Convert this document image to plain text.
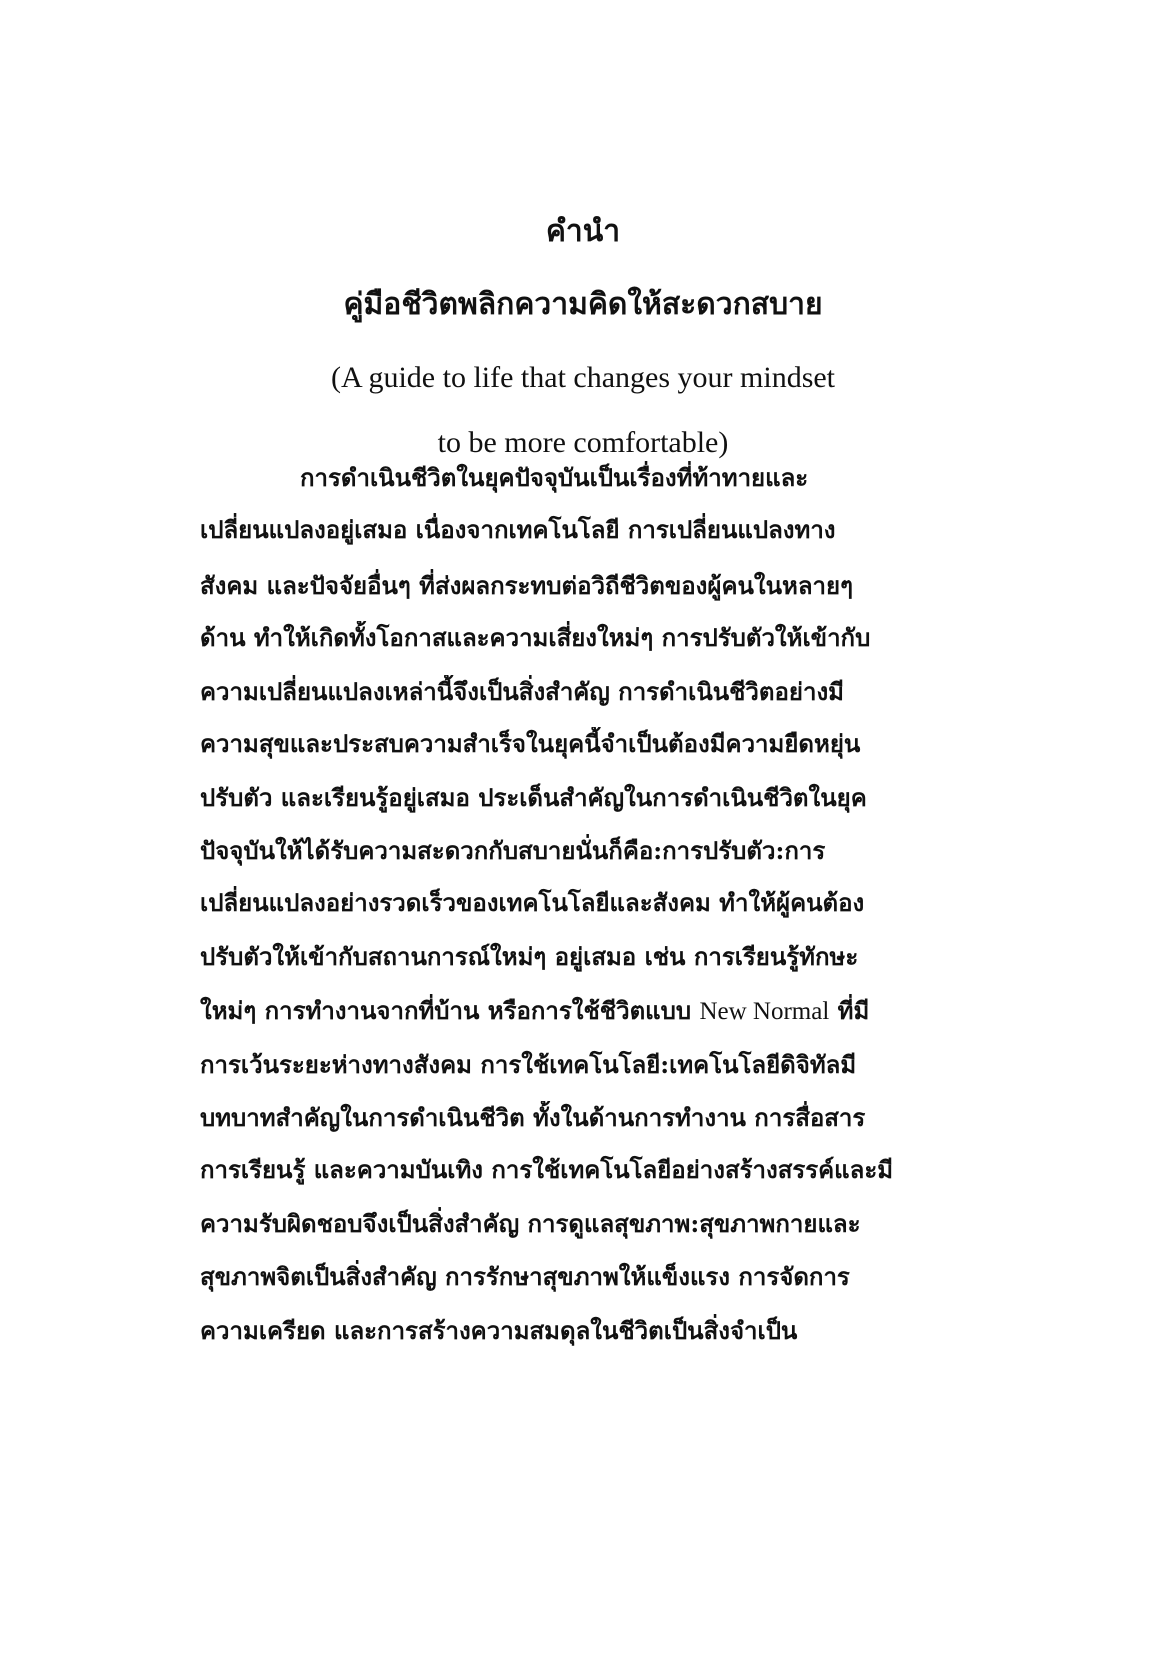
คำนำ
คู่มือชีวิตพลิกความคิดให้สะดวกสบาย
(A guide to life that changes your mindset
to be more comfortable)
การดำเนินชีวิตในยุคปัจจุบันเป็นเรื่องที่ท้าทายและ
เปลี่ยนแปลงอยู่เสมอ เนื่องจากเทคโนโลยี การเปลี่ยนแปลงทาง
สังคม และปัจจัยอื่นๆ ที่ส่งผลกระทบต่อวิถีชีวิตของผู้คนในหลายๆ
ด้าน ทำให้เกิดทั้งโอกาสและความเสี่ยงใหม่ๆ การปรับตัวให้เข้ากับ
ความเปลี่ยนแปลงเหล่านี้จึงเป็นสิ่งสำคัญ การดำเนินชีวิตอย่างมี
ความสุขและประสบความสำเร็จในยุคนี้จำเป็นต้องมีความยืดหยุ่น
ปรับตัว และเรียนรู้อยู่เสมอ ประเด็นสำคัญในการดำเนินชีวิตในยุค
ปัจจุบันให้ได้รับความสะดวกกับสบายนั่นก็คือ:การปรับตัว:การ
เปลี่ยนแปลงอย่างรวดเร็วของเทคโนโลยีและสังคม ทำให้ผู้คนต้อง
ปรับตัวให้เข้ากับสถานการณ์ใหม่ๆ อยู่เสมอ เช่น การเรียนรู้ทักษะ
ใหม่ๆ การทำงานจากที่บ้าน หรือการใช้ชีวิตแบบ New Normal ที่มี
การเว้นระยะห่างทางสังคม การใช้เทคโนโลยี:เทคโนโลยีดิจิทัลมี
บทบาทสำคัญในการดำเนินชีวิต ทั้งในด้านการทำงาน การสื่อสาร
การเรียนรู้ และความบันเทิง การใช้เทคโนโลยีอย่างสร้างสรรค์และมี
ความรับผิดชอบจึงเป็นสิ่งสำคัญ การดูแลสุขภาพ:สุขภาพกายและ
สุขภาพจิตเป็นสิ่งสำคัญ การรักษาสุขภาพให้แข็งแรง การจัดการ
ความเครียด และการสร้างความสมดุลในชีวิตเป็นสิ่งจำเป็น
